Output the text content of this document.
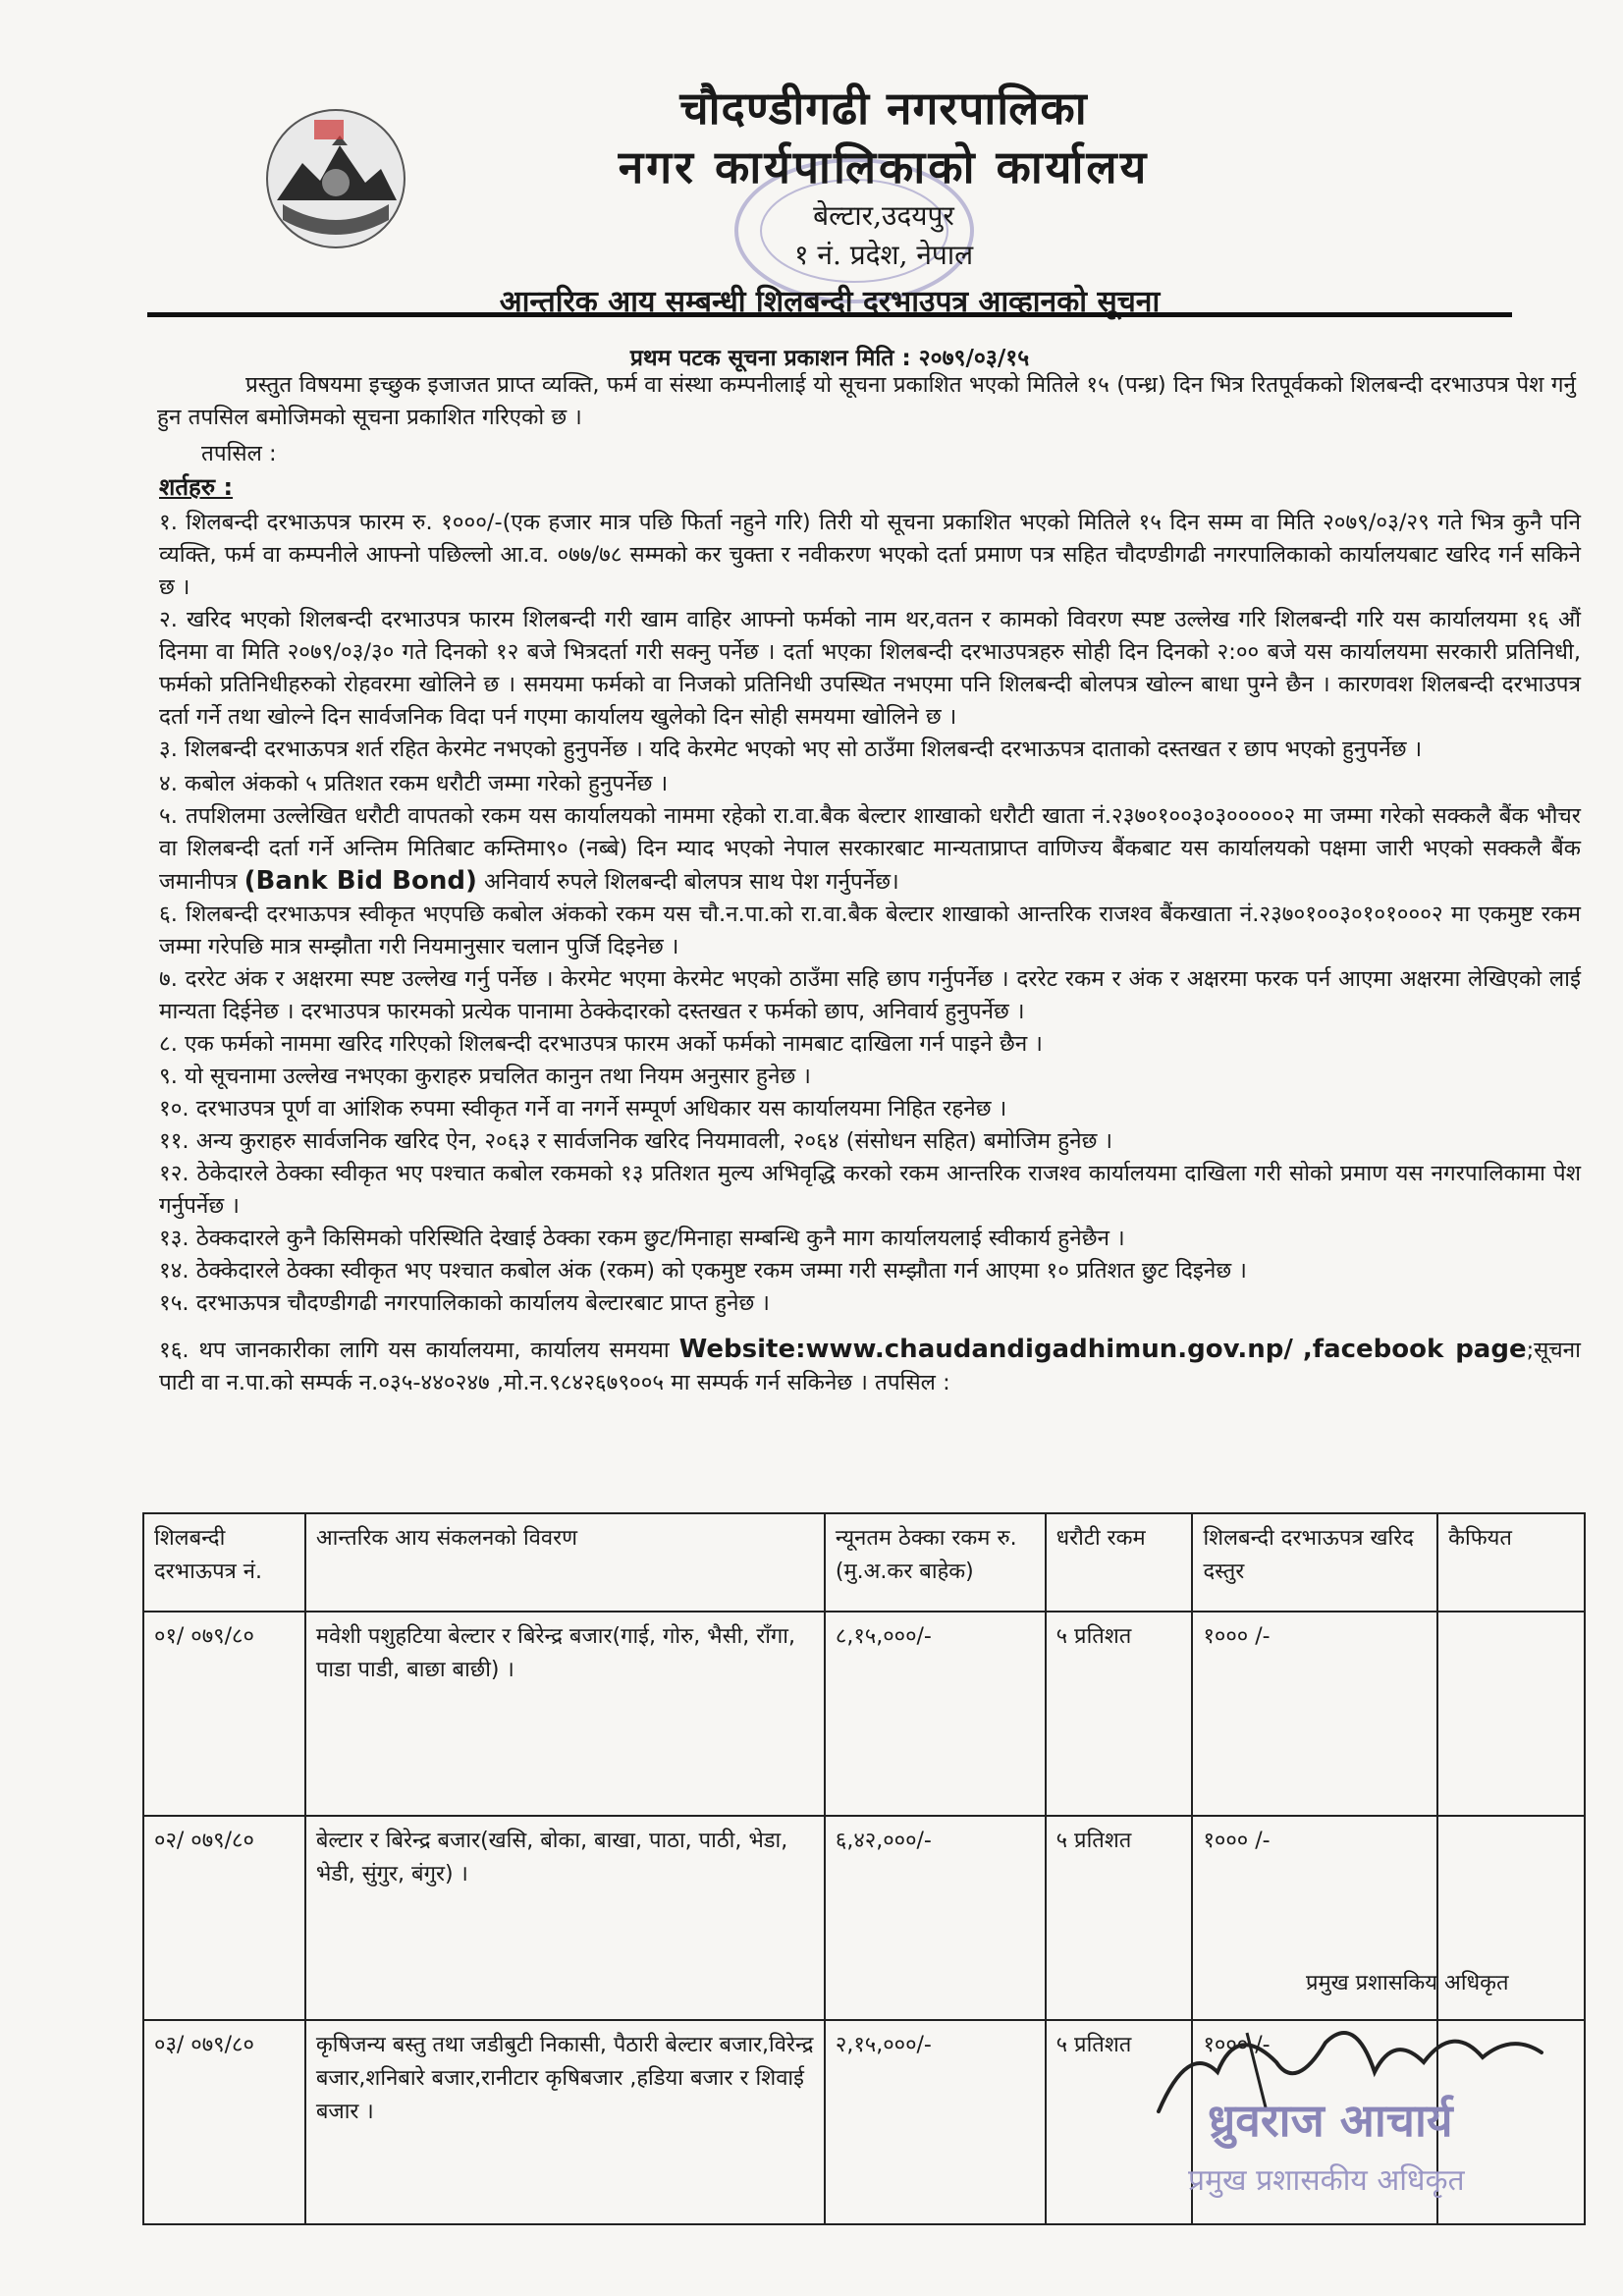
चौदण्डीगढी नगरपालिका
नगर कार्यपालिकाको कार्यालय
बेल्टार,उदयपुर
१ नं. प्रदेश, नेपाल
आन्तरिक आय सम्बन्धी शिलबन्दी दरभाउपत्र आव्हानको सूचना
प्रथम पटक सूचना प्रकाशन मिति : २०७९/०३/१५
प्रस्तुत विषयमा इच्छुक इजाजत प्राप्त व्यक्ति, फर्म वा संस्था कम्पनीलाई यो सूचना प्रकाशित भएको मितिले १५ (पन्ध्र) दिन भित्र रितपूर्वकको शिलबन्दी दरभाउपत्र पेश गर्नु हुन तपसिल बमोजिमको सूचना प्रकाशित गरिएको छ ।
तपसिल :
शर्तहरु :
१. शिलबन्दी दरभाऊपत्र फारम रु. १०००/-(एक हजार मात्र पछि फिर्ता नहुने गरि) तिरी यो सूचना प्रकाशित भएको मितिले १५ दिन सम्म वा मिति २०७९/०३/२९ गते भित्र कुनै पनि व्यक्ति, फर्म वा कम्पनीले आफ्नो पछिल्लो आ.व. ०७७/७८ सम्मको कर चुक्ता र नवीकरण भएको दर्ता प्रमाण पत्र सहित चौदण्डीगढी नगरपालिकाको कार्यालयबाट खरिद गर्न सकिने छ ।
२. खरिद भएको शिलबन्दी दरभाउपत्र फारम शिलबन्दी गरी खाम वाहिर आफ्नो फर्मको नाम थर,वतन र कामको विवरण स्पष्ट उल्लेख गरि शिलबन्दी गरि यस कार्यालयमा १६ औं दिनमा वा मिति २०७९/०३/३० गते दिनको १२ बजे भित्रदर्ता गरी सक्नु पर्नेछ । दर्ता भएका शिलबन्दी दरभाउपत्रहरु सोही दिन दिनको २:०० बजे यस कार्यालयमा सरकारी प्रतिनिधी, फर्मको प्रतिनिधीहरुको रोहवरमा खोलिने छ । समयमा फर्मको वा निजको प्रतिनिधी उपस्थित नभएमा पनि शिलबन्दी बोलपत्र खोल्न बाधा पुग्ने छैन । कारणवश शिलबन्दी दरभाउपत्र दर्ता गर्ने तथा खोल्ने दिन सार्वजनिक विदा पर्न गएमा कार्यालय खुलेको दिन सोही समयमा खोलिने छ ।
३. शिलबन्दी दरभाऊपत्र शर्त रहित केरमेट नभएको हुनुपर्नेछ । यदि केरमेट भएको भए सो ठाउँमा शिलबन्दी दरभाऊपत्र दाताको दस्तखत र छाप भएको हुनुपर्नेछ ।
४. कबोल अंकको ५ प्रतिशत रकम धरौटी जम्मा गरेको हुनुपर्नेछ ।
५. तपशिलमा उल्लेखित धरौटी वापतको रकम यस कार्यालयको नाममा रहेको रा.वा.बैक बेल्टार शाखाको धरौटी खाता नं.२३७०१००३०३०००००२ मा जम्मा गरेको सक्कलै बैंक भौचर वा शिलबन्दी दर्ता गर्ने अन्तिम मितिबाट कम्तिमा९० (नब्बे) दिन म्याद भएको नेपाल सरकारबाट मान्यताप्राप्त वाणिज्य बैंकबाट यस कार्यालयको पक्षमा जारी भएको सक्कलै बैंक जमानीपत्र (Bank Bid Bond) अनिवार्य रुपले शिलबन्दी बोलपत्र साथ पेश गर्नुपर्नेछ।
६. शिलबन्दी दरभाऊपत्र स्वीकृत भएपछि कबोल अंकको रकम यस चौ.न.पा.को रा.वा.बैक बेल्टार शाखाको आन्तरिक राजश्व बैंकखाता नं.२३७०१००३०१०१०००२ मा एकमुष्ट रकम जम्मा गरेपछि मात्र सम्झौता गरी नियमानुसार चलान पुर्जि दिइनेछ ।
७. दररेट अंक र अक्षरमा स्पष्ट उल्लेख गर्नु पर्नेछ । केरमेट भएमा केरमेट भएको ठाउँमा सहि छाप गर्नुपर्नेछ । दररेट रकम र अंक र अक्षरमा फरक पर्न आएमा अक्षरमा लेखिएको लाई मान्यता दिईनेछ । दरभाउपत्र फारमको प्रत्येक पानामा ठेक्केदारको दस्तखत र फर्मको छाप, अनिवार्य हुनुपर्नेछ ।
८. एक फर्मको नाममा खरिद गरिएको शिलबन्दी दरभाउपत्र फारम अर्को फर्मको नामबाट दाखिला गर्न पाइने छैन ।
९. यो सूचनामा उल्लेख नभएका कुराहरु प्रचलित कानुन तथा नियम अनुसार हुनेछ ।
१०. दरभाउपत्र पूर्ण वा आंशिक रुपमा स्वीकृत गर्ने वा नगर्ने सम्पूर्ण अधिकार यस कार्यालयमा निहित रहनेछ ।
११. अन्य कुराहरु सार्वजनिक खरिद ऐन, २०६३ र सार्वजनिक खरिद नियमावली, २०६४ (संसोधन सहित) बमोजिम हुनेछ ।
१२. ठेकेदारले ठेक्का स्वीकृत भए पश्चात कबोल रकमको १३ प्रतिशत मुल्य अभिवृद्धि करको रकम आन्तरिक राजश्व कार्यालयमा दाखिला गरी सोको प्रमाण यस नगरपालिकामा पेश गर्नुपर्नेछ ।
१३. ठेक्कदारले कुनै किसिमको परिस्थिति देखाई ठेक्का रकम छुट/मिनाहा सम्बन्धि कुनै माग कार्यालयलाई स्वीकार्य हुनेछैन ।
१४. ठेक्केदारले ठेक्का स्वीकृत भए पश्चात कबोल अंक (रकम) को एकमुष्ट रकम जम्मा गरी सम्झौता गर्न आएमा १० प्रतिशत छुट दिइनेछ ।
१५. दरभाऊपत्र चौदण्डीगढी नगरपालिकाको कार्यालय बेल्टारबाट प्राप्त हुनेछ ।
१६. थप जानकारीका लागि यस कार्यालयमा, कार्यालय समयमा Website:www.chaudandigadhimun.gov.np/ ,facebook page;सूचना पाटी वा न.पा.को सम्पर्क न.०३५-४४०२४७ ,मो.न.९८४२६७९००५ मा सम्पर्क गर्न सकिनेछ । तपसिल :
शिलबन्दी दरभाऊपत्र नं.	आन्तरिक आय संकलनको विवरण	न्यूनतम ठेक्का रकम रु.(मु.अ.कर बाहेक)	धरौटी रकम	शिलबन्दी दरभाऊपत्र खरिद दस्तुर	कैफियत
०१/ ०७९/८०	मवेशी पशुहटिया बेल्टार र बिरेन्द्र बजार(गाई, गोरु, भैसी, राँगा, पाडा पाडी, बाछा बाछी) ।	८,१५,०००/-	५ प्रतिशत	१००० /-	
०२/ ०७९/८०	बेल्टार र बिरेन्द्र बजार(खसि, बोका, बाखा, पाठा, पाठी, भेडा, भेडी, सुंगुर, बंगुर) ।	६,४२,०००/-	५ प्रतिशत	१००० /-	
०३/ ०७९/८०	कृषिजन्य बस्तु तथा जडीबुटी निकासी, पैठारी बेल्टार बजार,विरेन्द्र बजार,शनिबारे बजार,रानीटार कृषिबजार ,हडिया बजार र शिवाई बजार ।	२,१५,०००/-	५ प्रतिशत	१००० /-	
प्रमुख प्रशासकिय अधिकृत
ध्रुवराज आचार्य
प्रमुख प्रशासकीय अधिकृत
